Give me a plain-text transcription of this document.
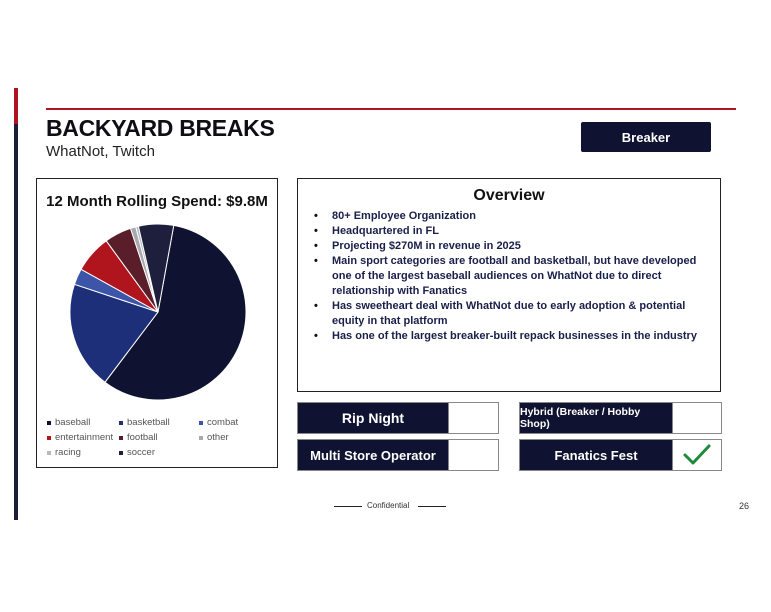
BACKYARD BREAKS
WhatNot, Twitch
Breaker
12 Month Rolling Spend: $9.8M
baseball	basketball	combat
entertainment football	other
racing	soccer
Overview
• 80+ Employee Organization
• Headquartered in FL
• Projecting $270M in revenue in 2025
• Main sport categories are football and basketball, but have developed one of the largest baseball audiences on WhatNot due to direct relationship with Fanatics
• Has sweetheart deal with WhatNot due to early adoption & potential equity in that platform
• Has one of the largest breaker-built repack businesses in the industry
Rip Night
Multi Store Operator
Hybrid (Breaker / Hobby Shop)
Fanatics Fest
Confidential	26
